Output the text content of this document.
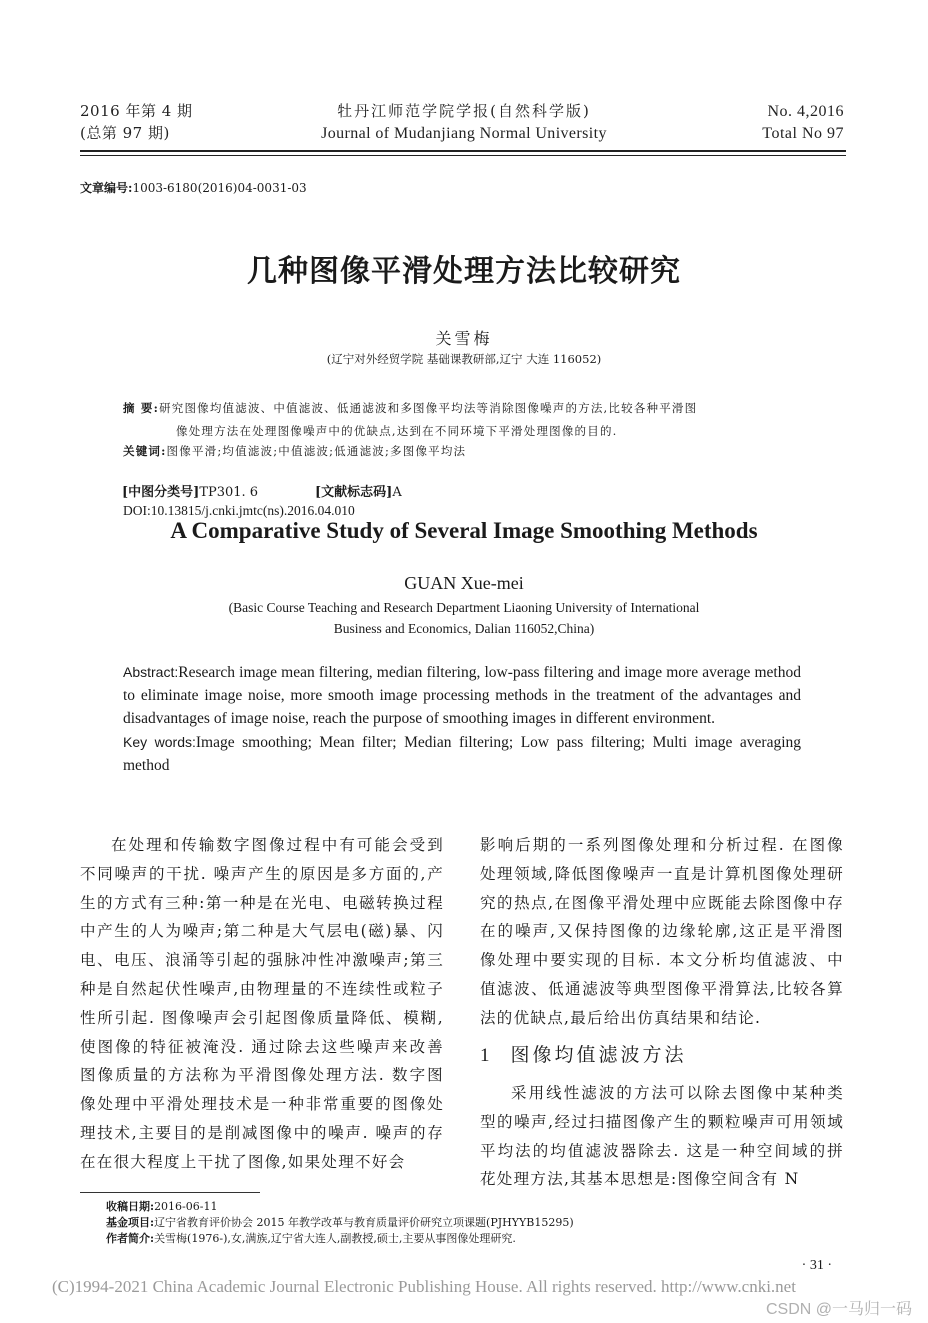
2016 年第 4 期
(总第 97 期)
牡丹江师范学院学报(自然科学版)
Journal of Mudanjiang Normal University
No. 4,2016
Total No 97
文章编号:1003-6180(2016)04-0031-03
几种图像平滑处理方法比较研究
关雪梅
(辽宁对外经贸学院 基础课教研部,辽宁 大连 116052)
摘 要:研究图像均值滤波、中值滤波、低通滤波和多图像平均法等消除图像噪声的方法,比较各种平滑图
像处理方法在处理图像噪声中的优缺点,达到在不同环境下平滑处理图像的目的.
关键词:图像平滑;均值滤波;中值滤波;低通滤波;多图像平均法
[中图分类号]TP301. 6	[文献标志码]A
DOI:10.13815/j.cnki.jmtc(ns).2016.04.010
A Comparative Study of Several Image Smoothing Methods
GUAN Xue-mei
(Basic Course Teaching and Research Department Liaoning University of International
Business and Economics, Dalian 116052,China)
Abstract:Research image mean filtering, median filtering, low-pass filtering and image more average method to eliminate image noise, more smooth image processing methods in the treatment of the advantages and disadvantages of image noise, reach the purpose of smoothing images in different environment.
Key words:Image smoothing; Mean filter; Median filtering; Low pass filtering; Multi image averaging method

在处理和传输数字图像过程中有可能会受到不同噪声的干扰. 噪声产生的原因是多方面的,产生的方式有三种:第一种是在光电、电磁转换过程中产生的人为噪声;第二种是大气层电(磁)暴、闪电、电压、浪涌等引起的强脉冲性冲激噪声;第三种是自然起伏性噪声,由物理量的不连续性或粒子性所引起. 图像噪声会引起图像质量降低、模糊,使图像的特征被淹没. 通过除去这些噪声来改善图像质量的方法称为平滑图像处理方法. 数字图像处理中平滑处理技术是一种非常重要的图像处理技术,主要目的是削减图像中的噪声. 噪声的存在在很大程度上干扰了图像,如果处理不好会

影响后期的一系列图像处理和分析过程. 在图像处理领域,降低图像噪声一直是计算机图像处理研究的热点,在图像平滑处理中应既能去除图像中存在的噪声,又保持图像的边缘轮廓,这正是平滑图像处理中要实现的目标. 本文分析均值滤波、中值滤波、低通滤波等典型图像平滑算法,比较各算法的优缺点,最后给出仿真结果和结论.

1 图像均值滤波方法

采用线性滤波的方法可以除去图像中某种类型的噪声,经过扫描图像产生的颗粒噪声可用领域平均法的均值滤波器除去. 这是一种空间域的拼花处理方法,其基本思想是:图像空间含有 N

收稿日期:2016-06-11
基金项目:辽宁省教育评价协会 2015 年教学改革与教育质量评价研究立项课题(PJHYYB15295)
作者简介:关雪梅(1976-),女,满族,辽宁省大连人,副教授,硕士,主要从事图像处理研究.
· 31 ·
(C)1994-2021 China Academic Journal Electronic Publishing House. All rights reserved. http://www.cnki.net
CSDN @一马归一码
